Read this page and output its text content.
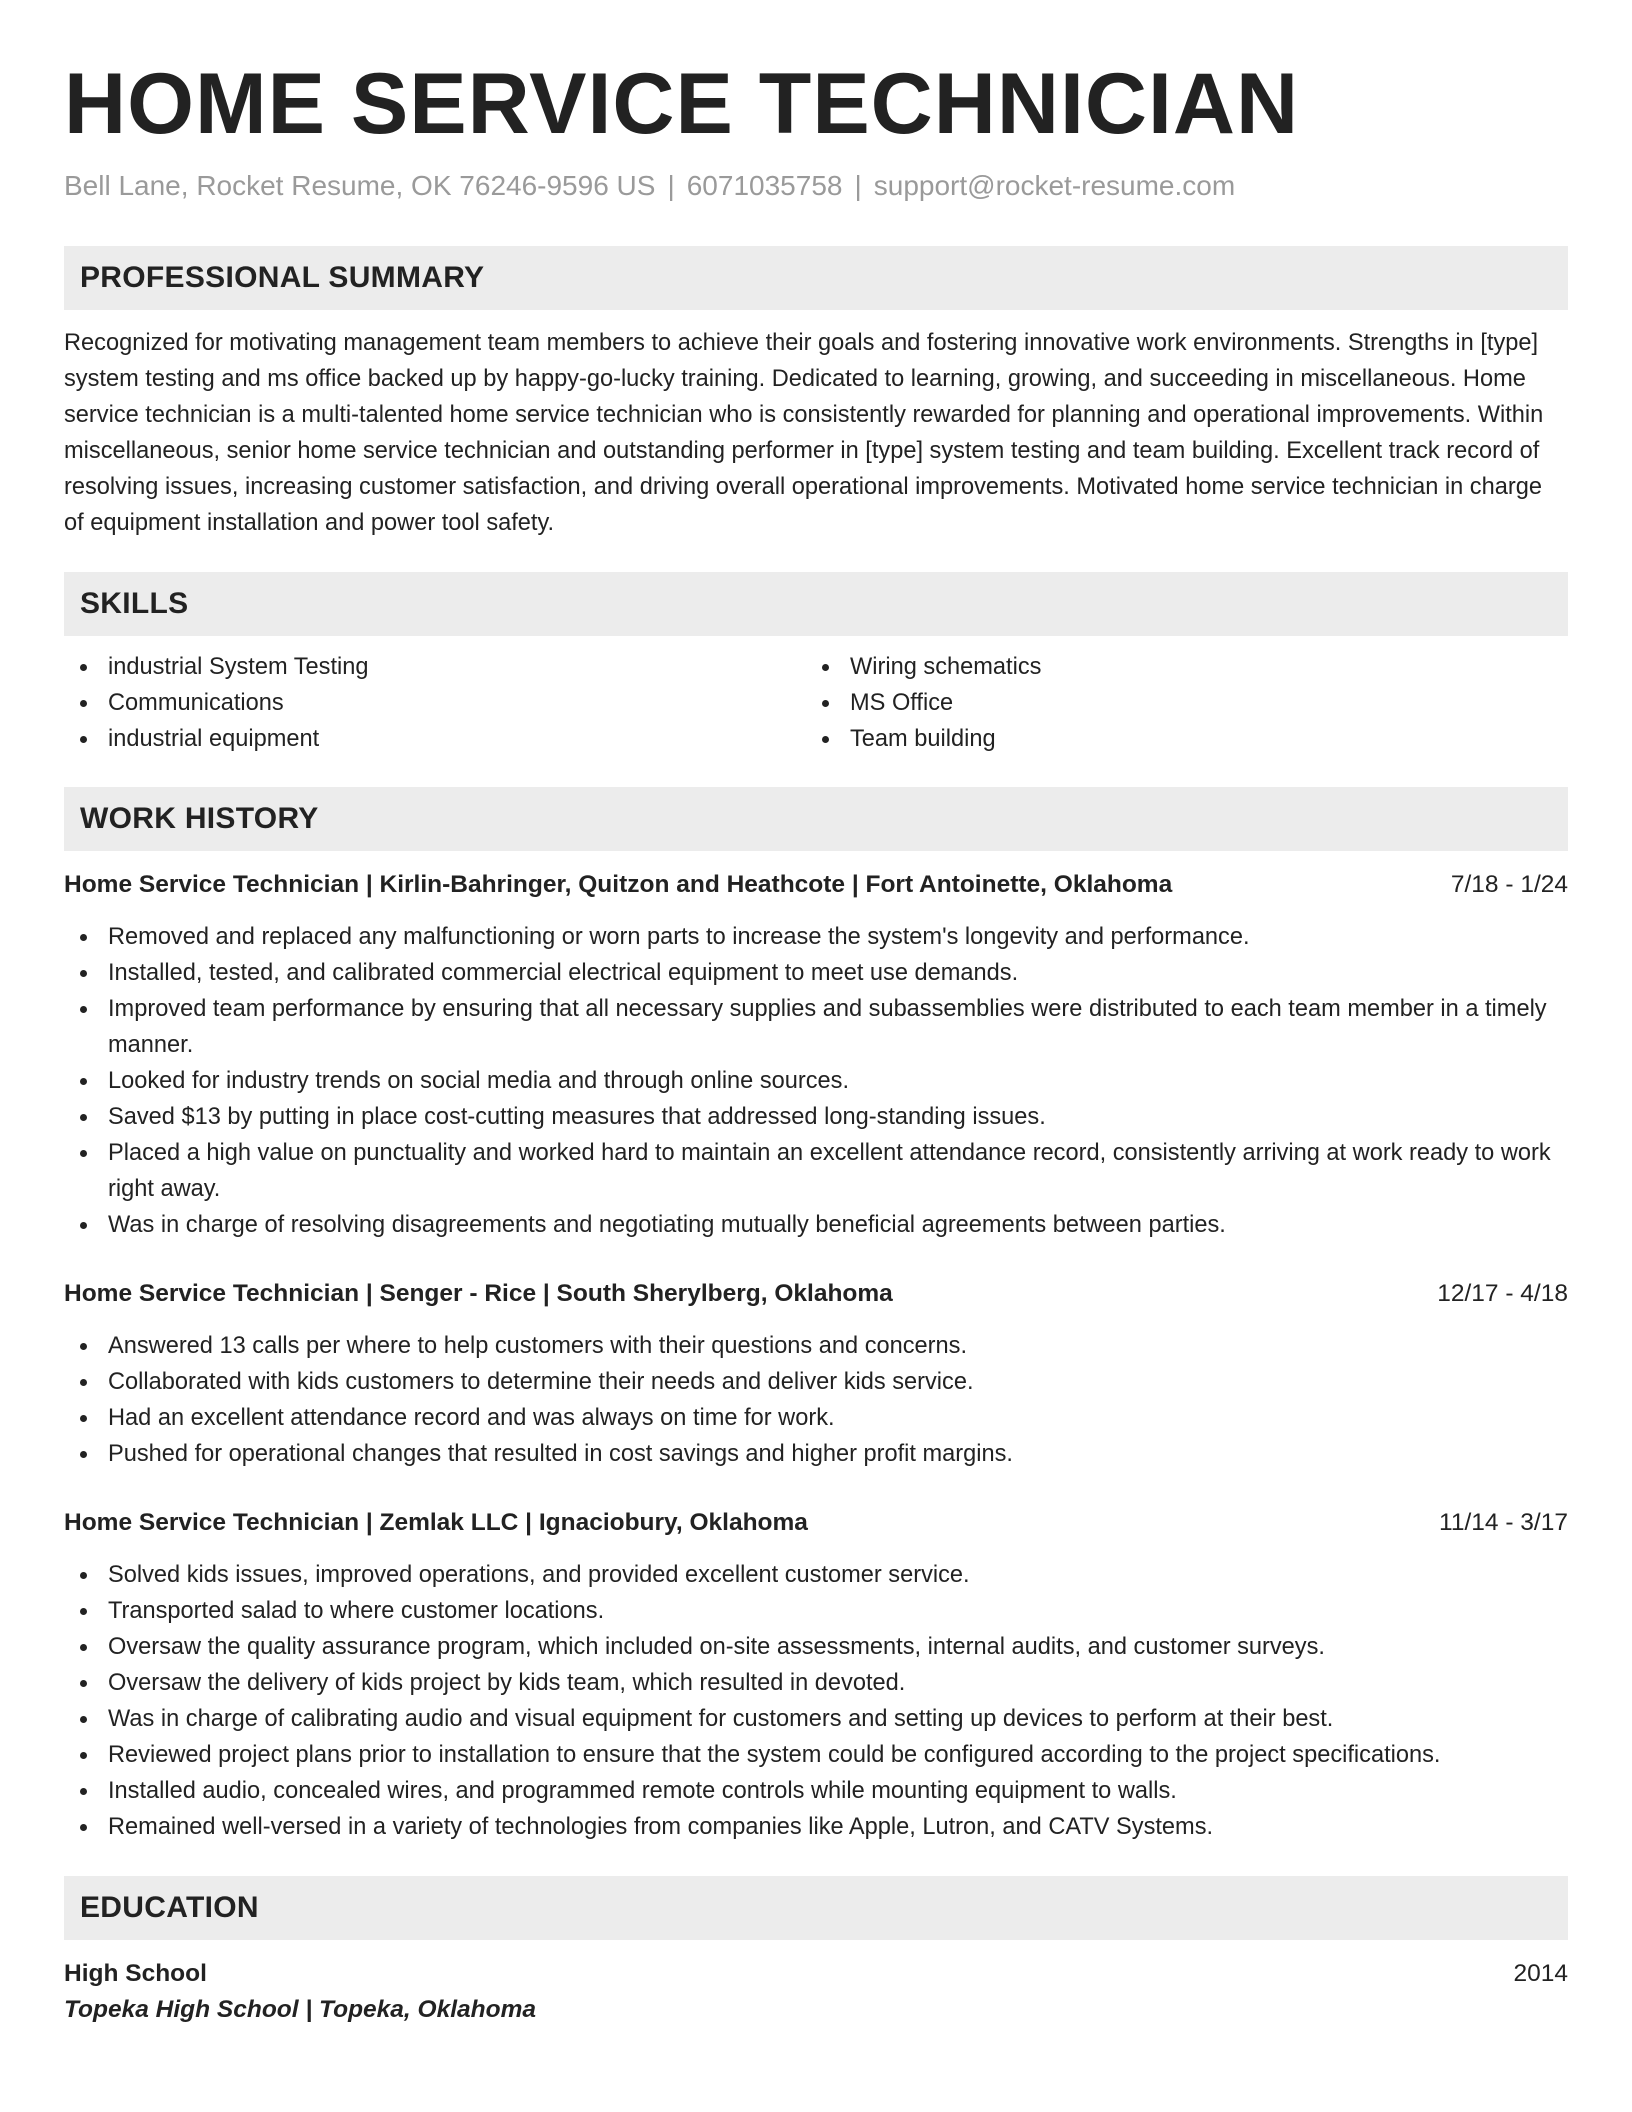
HOME SERVICE TECHNICIAN
Bell Lane, Rocket Resume, OK 76246-9596 US | 6071035758 | support@rocket-resume.com
PROFESSIONAL SUMMARY
Recognized for motivating management team members to achieve their goals and fostering innovative work environments. Strengths in [type] system testing and ms office backed up by happy-go-lucky training. Dedicated to learning, growing, and succeeding in miscellaneous. Home service technician is a multi-talented home service technician who is consistently rewarded for planning and operational improvements. Within miscellaneous, senior home service technician and outstanding performer in [type] system testing and team building. Excellent track record of resolving issues, increasing customer satisfaction, and driving overall operational improvements. Motivated home service technician in charge of equipment installation and power tool safety.
SKILLS
industrial System Testing
Communications
industrial equipment
Wiring schematics
MS Office
Team building
WORK HISTORY
Home Service Technician | Kirlin-Bahringer, Quitzon and Heathcote | Fort Antoinette, Oklahoma	7/18 - 1/24
Removed and replaced any malfunctioning or worn parts to increase the system's longevity and performance.
Installed, tested, and calibrated commercial electrical equipment to meet use demands.
Improved team performance by ensuring that all necessary supplies and subassemblies were distributed to each team member in a timely manner.
Looked for industry trends on social media and through online sources.
Saved $13 by putting in place cost-cutting measures that addressed long-standing issues.
Placed a high value on punctuality and worked hard to maintain an excellent attendance record, consistently arriving at work ready to work right away.
Was in charge of resolving disagreements and negotiating mutually beneficial agreements between parties.
Home Service Technician | Senger - Rice | South Sherylberg, Oklahoma	12/17 - 4/18
Answered 13 calls per where to help customers with their questions and concerns.
Collaborated with kids customers to determine their needs and deliver kids service.
Had an excellent attendance record and was always on time for work.
Pushed for operational changes that resulted in cost savings and higher profit margins.
Home Service Technician | Zemlak LLC | Ignaciobury, Oklahoma	11/14 - 3/17
Solved kids issues, improved operations, and provided excellent customer service.
Transported salad to where customer locations.
Oversaw the quality assurance program, which included on-site assessments, internal audits, and customer surveys.
Oversaw the delivery of kids project by kids team, which resulted in devoted.
Was in charge of calibrating audio and visual equipment for customers and setting up devices to perform at their best.
Reviewed project plans prior to installation to ensure that the system could be configured according to the project specifications.
Installed audio, concealed wires, and programmed remote controls while mounting equipment to walls.
Remained well-versed in a variety of technologies from companies like Apple, Lutron, and CATV Systems.
EDUCATION
High School	2014
Topeka High School | Topeka, Oklahoma
